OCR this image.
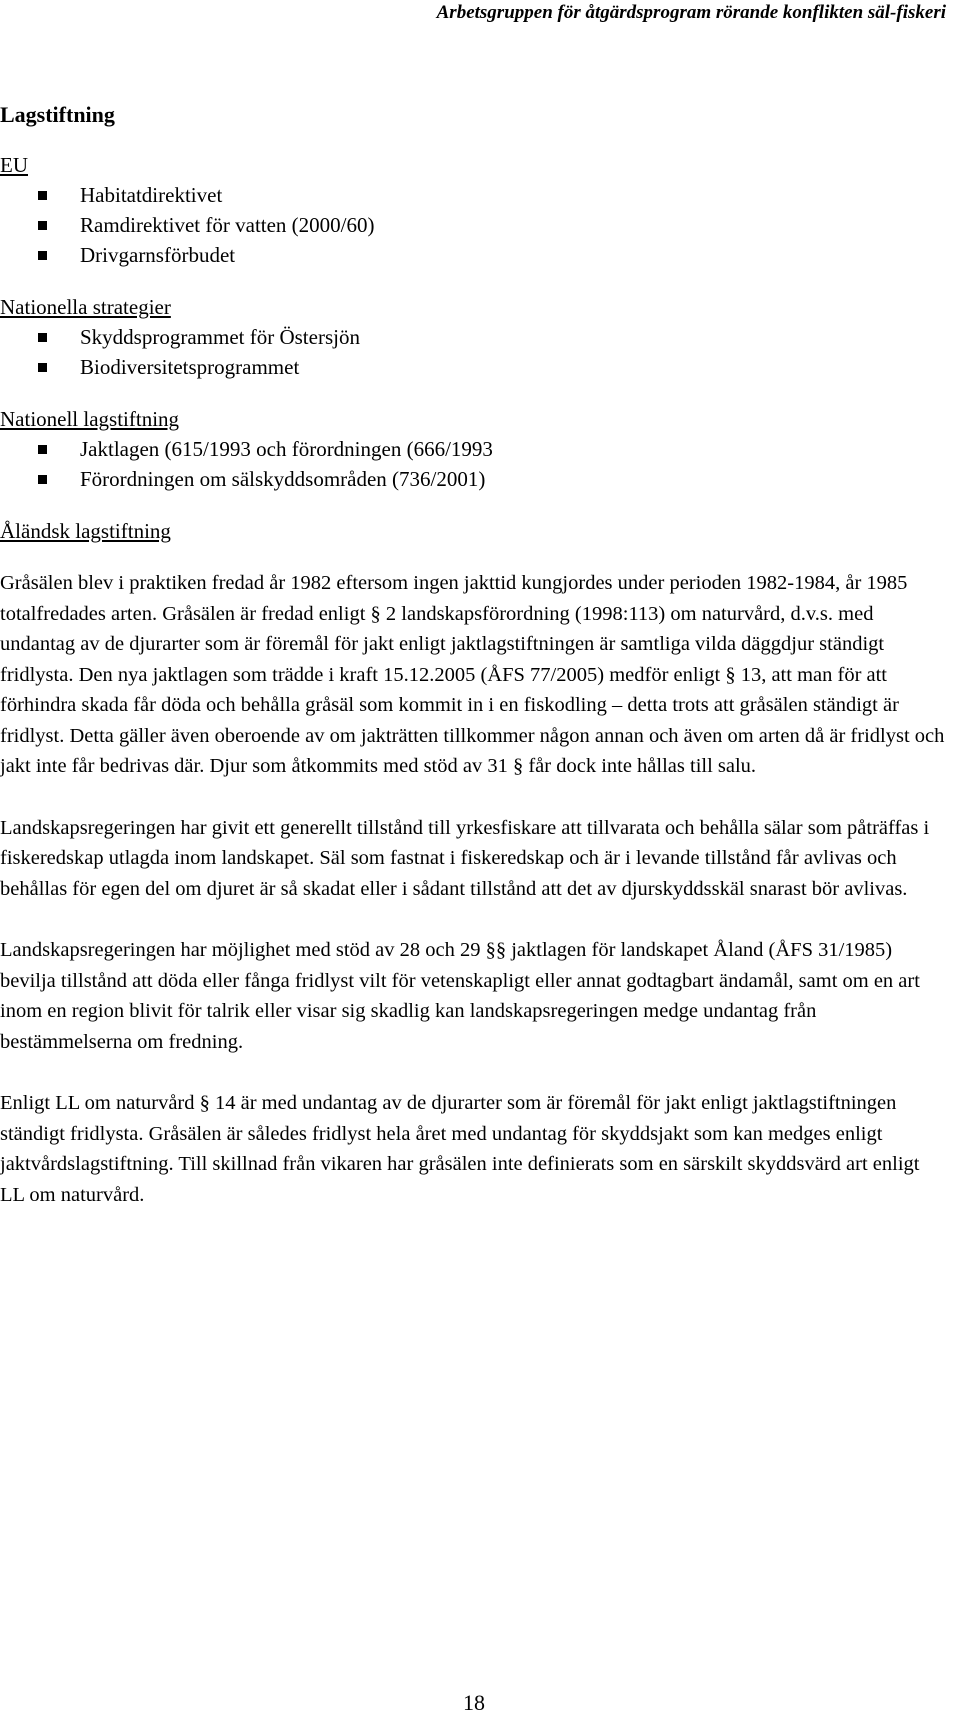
Arbetsgruppen för åtgärdsprogram rörande konflikten säl-fiskeri
Lagstiftning
EU
Habitatdirektivet
Ramdirektivet för vatten (2000/60)
Drivgarnsförbudet
Nationella strategier
Skyddsprogrammet för Östersjön
Biodiversitetsprogrammet
Nationell lagstiftning
Jaktlagen (615/1993 och förordningen (666/1993
Förordningen om sälskyddsområden (736/2001)
Åländsk lagstiftning

Gråsälen blev i praktiken fredad år 1982 eftersom ingen jakttid kungjordes under perioden 1982-1984, år 1985 totalfredades arten. Gråsälen är fredad enligt § 2 landskapsförordning (1998:113) om naturvård, d.v.s. med undantag av de djurarter som är föremål för jakt enligt jaktlagstiftningen är samtliga vilda däggdjur ständigt fridlysta. Den nya jaktlagen som trädde i kraft 15.12.2005 (ÅFS 77/2005) medför enligt § 13, att man för att förhindra skada får döda och behålla gråsäl som kommit in i en fiskodling – detta trots att gråsälen ständigt är fridlyst. Detta gäller även oberoende av om jakträtten tillkommer någon annan och även om arten då är fridlyst och jakt inte får bedrivas där. Djur som åtkommits med stöd av 31 § får dock inte hållas till salu.

Landskapsregeringen har givit ett generellt tillstånd till yrkesfiskare att tillvarata och behålla sälar som påträffas i fiskeredskap utlagda inom landskapet. Säl som fastnat i fiskeredskap och är i levande tillstånd får avlivas och behållas för egen del om djuret är så skadat eller i sådant tillstånd att det av djurskyddsskäl snarast bör avlivas.

Landskapsregeringen har möjlighet med stöd av 28 och 29 §§ jaktlagen för landskapet Åland (ÅFS 31/1985) bevilja tillstånd att döda eller fånga fridlyst vilt för vetenskapligt eller annat godtagbart ändamål, samt om en art inom en region blivit för talrik eller visar sig skadlig kan landskapsregeringen medge undantag från bestämmelserna om fredning.

Enligt LL om naturvård § 14 är med undantag av de djurarter som är föremål för jakt enligt jaktlagstiftningen ständigt fridlysta. Gråsälen är således fridlyst hela året med undantag för skyddsjakt som kan medges enligt jaktvårdslagstiftning. Till skillnad från vikaren har gråsälen inte definierats som en särskilt skyddsvärd art enligt LL om naturvård.

18
